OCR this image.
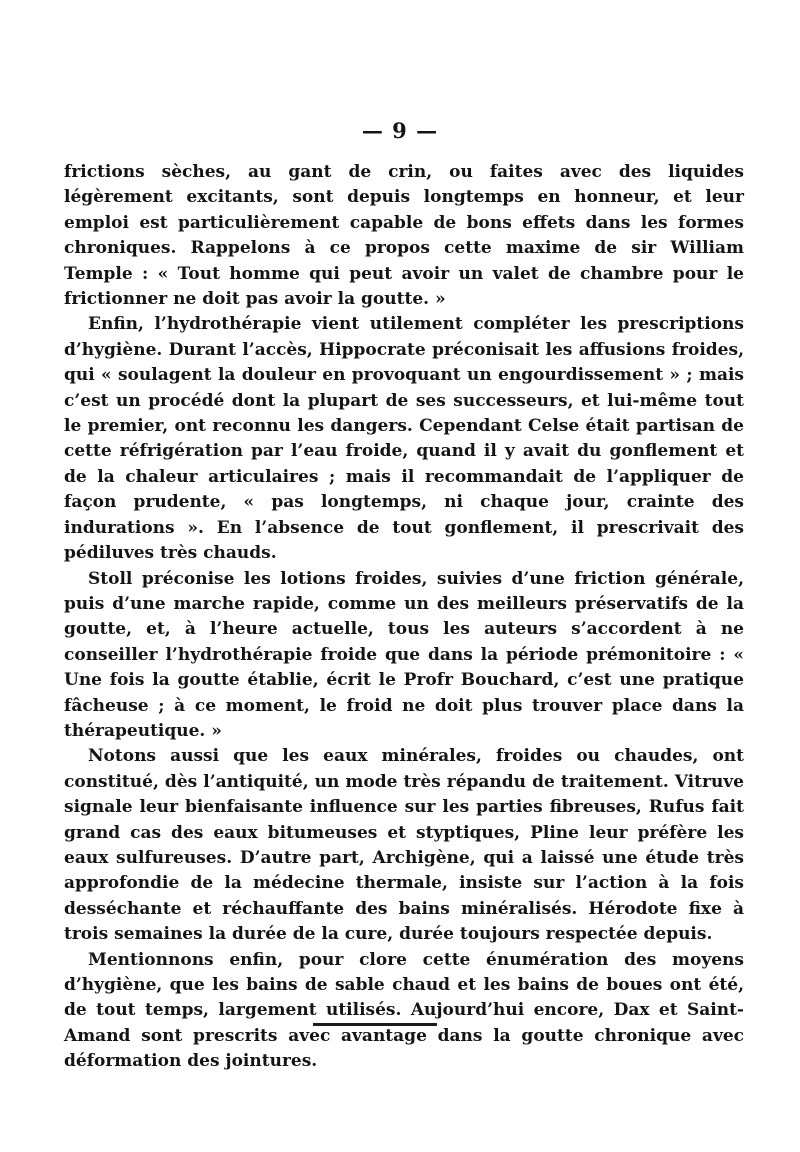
— 9 —

frictions sèches, au gant de crin, ou faites avec des liquides légèrement excitants, sont depuis longtemps en honneur, et leur emploi est particulièrement capable de bons effets dans les formes chroniques. Rappelons à ce propos cette maxime de sir William Temple : « Tout homme qui peut avoir un valet de chambre pour le frictionner ne doit pas avoir la goutte. »

Enfin, l’hydrothérapie vient utilement compléter les prescriptions d’hygiène. Durant l’accès, Hippocrate préconisait les affusions froides, qui « soulagent la douleur en provoquant un engourdissement » ; mais c’est un procédé dont la plupart de ses successeurs, et lui-même tout le premier, ont reconnu les dangers. Cependant Celse était partisan de cette réfrigération par l’eau froide, quand il y avait du gonflement et de la chaleur articulaires ; mais il recommandait de l’appliquer de façon prudente, « pas longtemps, ni chaque jour, crainte des indurations ». En l’absence de tout gonflement, il prescrivait des pédiluves très chauds.

Stoll préconise les lotions froides, suivies d’une friction générale, puis d’une marche rapide, comme un des meilleurs préservatifs de la goutte, et, à l’heure actuelle, tous les auteurs s’accordent à ne conseiller l’hydrothérapie froide que dans la période prémonitoire : « Une fois la goutte établie, écrit le Profr Bouchard, c’est une pratique fâcheuse ; à ce moment, le froid ne doit plus trouver place dans la thérapeutique. »

Notons aussi que les eaux minérales, froides ou chaudes, ont constitué, dès l’antiquité, un mode très répandu de traitement. Vitruve signale leur bienfaisante influence sur les parties fibreuses, Rufus fait grand cas des eaux bitumeuses et styptiques, Pline leur préfère les eaux sulfureuses. D’autre part, Archigène, qui a laissé une étude très approfondie de la médecine thermale, insiste sur l’action à la fois desséchante et réchauffante des bains minéralisés. Hérodote fixe à trois semaines la durée de la cure, durée toujours respectée depuis.

Mentionnons enfin, pour clore cette énumération des moyens d’hygiène, que les bains de sable chaud et les bains de boues ont été, de tout temps, largement utilisés. Aujourd’hui encore, Dax et Saint-Amand sont prescrits avec avantage dans la goutte chronique avec déformation des jointures.
